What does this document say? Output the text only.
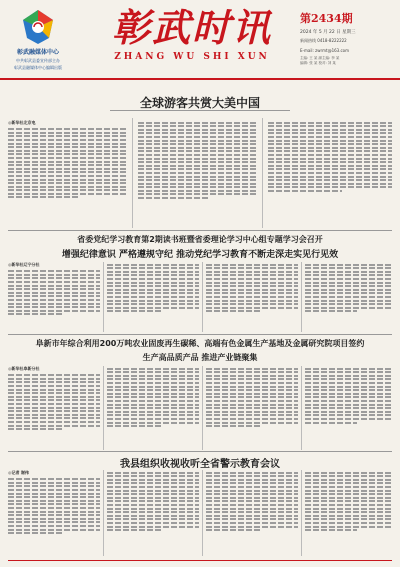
彰武融媒体中心
中共彰武县委宣传部主办
彰武县融媒体中心编辑出版
彰武时讯
ZHANG WU SHI XUN
第2434期
2024 年 5 月 22 日 星期三
新闻热线 0418-8222222
E-mail: zwrmt@163.com
主编: 王 某 副主编: 李 某
编辑: 张 某 校对: 刘 某
全球游客共赏大美中国
◎新华社北京电
省委党纪学习教育第2期读书班暨省委理论学习中心组专题学习会召开
增强纪律意识 严格遵规守纪 推动党纪学习教育不断走深走实见行见效
◎新华社辽宁分社
阜新市年综合利用200万吨农业固废再生碳稀、高端有色金属生产基地及金属研究院项目签约
生产高品质产品 推进产业链聚集
◎新华社阜新分社
我县组织收视收听全省警示教育会议
◎记者 谢伟
